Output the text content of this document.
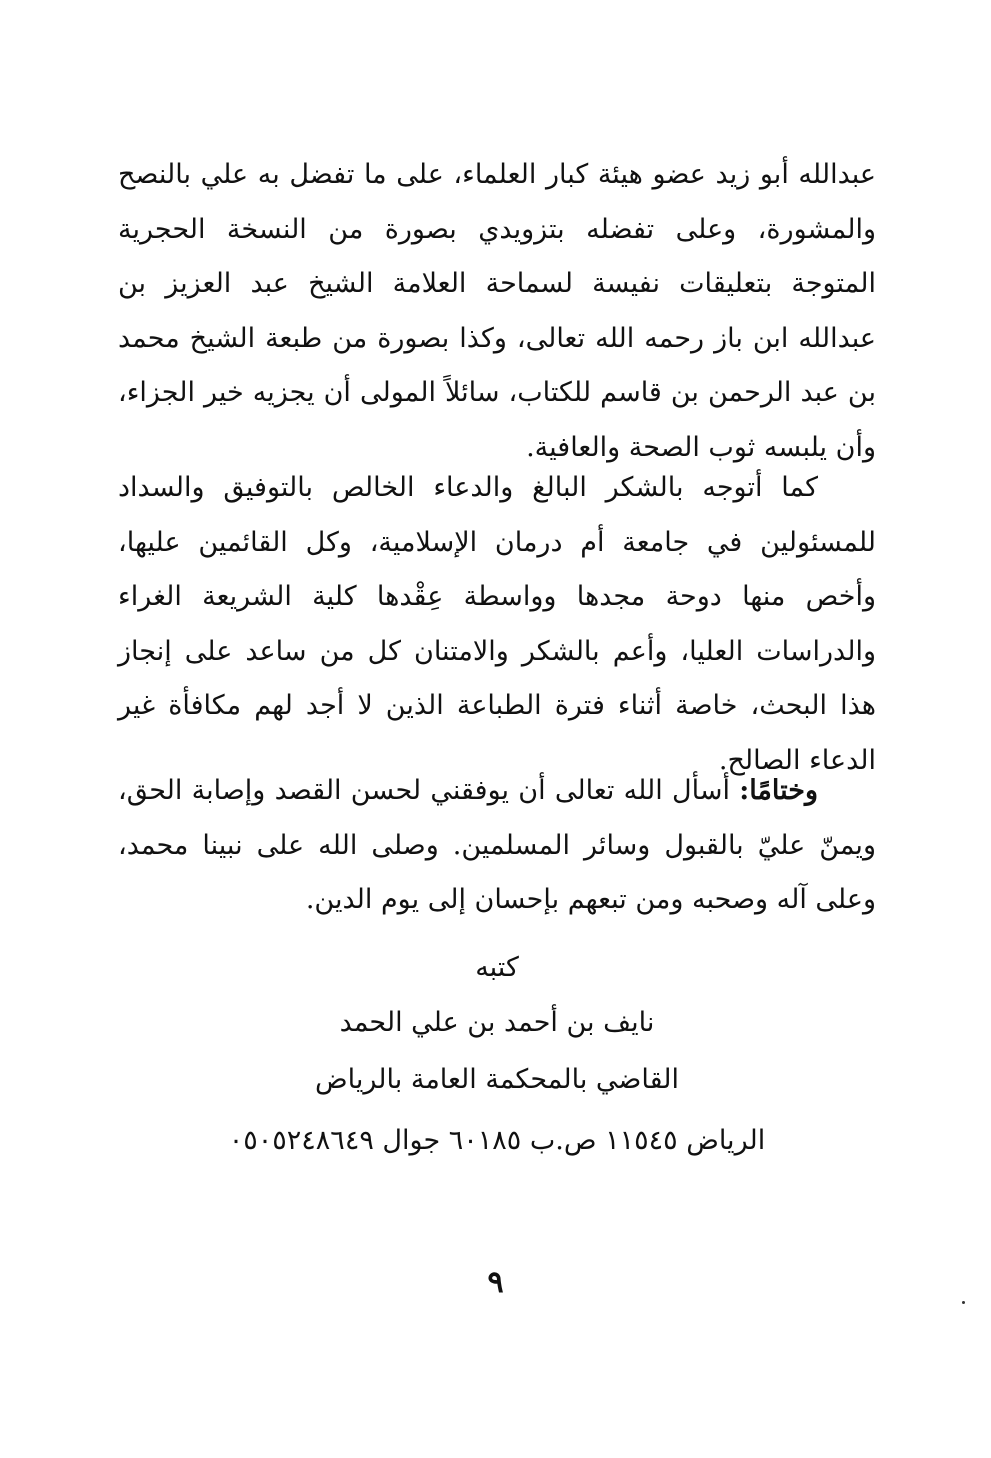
عبدالله أبو زيد عضو هيئة كبار العلماء، على ما تفضل به علي بالنصح والمشورة، وعلى تفضله بتزويدي بصورة من النسخة الحجرية المتوجة بتعليقات نفيسة لسماحة العلامة الشيخ عبد العزيز بن عبدالله ابن باز رحمه الله تعالى، وكذا بصورة من طبعة الشيخ محمد بن عبد الرحمن بن قاسم للكتاب، سائلاً المولى أن يجزيه خير الجزاء، وأن يلبسه ثوب الصحة والعافية.

كما أتوجه بالشكر البالغ والدعاء الخالص بالتوفيق والسداد للمسئولين في جامعة أم درمان الإسلامية، وكل القائمين عليها، وأخص منها دوحة مجدها وواسطة عِقْدها كلية الشريعة الغراء والدراسات العليا، وأعم بالشكر والامتنان كل من ساعد على إنجاز هذا البحث، خاصة أثناء فترة الطباعة الذين لا أجد لهم مكافأة غير الدعاء الصالح.

وختامًا: أسأل الله تعالى أن يوفقني لحسن القصد وإصابة الحق، ويمنّ عليّ بالقبول وسائر المسلمين. وصلى الله على نبينا محمد، وعلى آله وصحبه ومن تبعهم بإحسان إلى يوم الدين.

كتبه
نايف بن أحمد بن علي الحمد
القاضي بالمحكمة العامة بالرياض
الرياض ١١٥٤٥ ص.ب ٦٠١٨٥ جوال ٠٥٠٥٢٤٨٦٤٩
٩
